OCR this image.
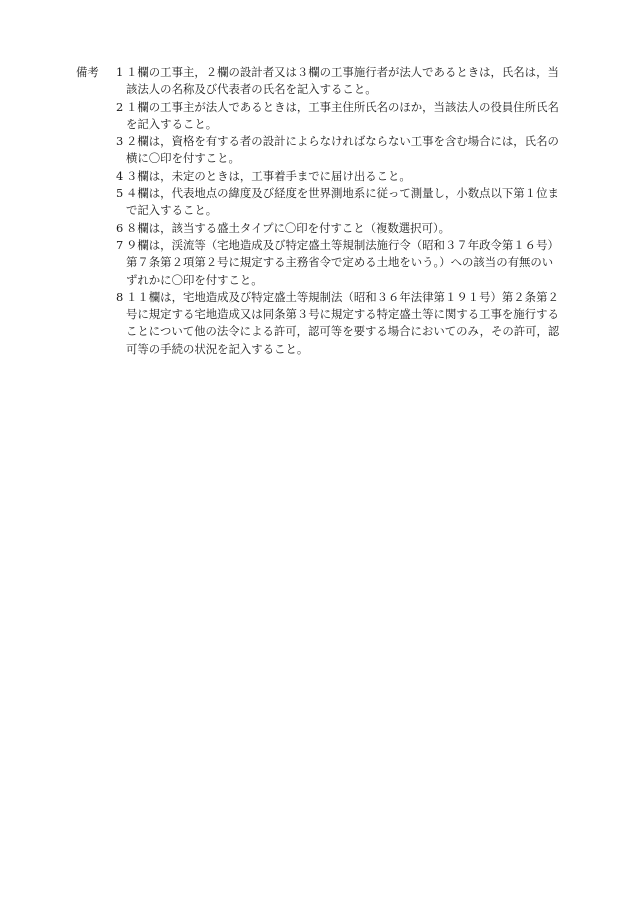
備考 1 １欄の工事主，２欄の設計者又は３欄の工事施行者が法人であるときは，氏名は，当該法人の名称及び代表者の氏名を記入すること。
2 １欄の工事主が法人であるときは，工事主住所氏名のほか，当該法人の役員住所氏名を記入すること。
3 ２欄は，資格を有する者の設計によらなければならない工事を含む場合には，氏名の横に〇印を付すこと。
4 ３欄は，未定のときは，工事着手までに届け出ること。
5 ４欄は，代表地点の緯度及び経度を世界測地系に従って測量し，小数点以下第１位まで記入すること。
6 ８欄は，該当する盛土タイプに〇印を付すこと（複数選択可）。
7 ９欄は，渓流等（宅地造成及び特定盛土等規制法施行令（昭和３７年政令第１６号）第７条第２項第２号に規定する主務省令で定める土地をいう。）への該当の有無のいずれかに〇印を付すこと。
8 １１欄は，宅地造成及び特定盛土等規制法（昭和３６年法律第１９１号）第２条第２号に規定する宅地造成又は同条第３号に規定する特定盛土等に関する工事を施行することについて他の法令による許可，認可等を要する場合においてのみ，その許可，認可等の手続の状況を記入すること。
